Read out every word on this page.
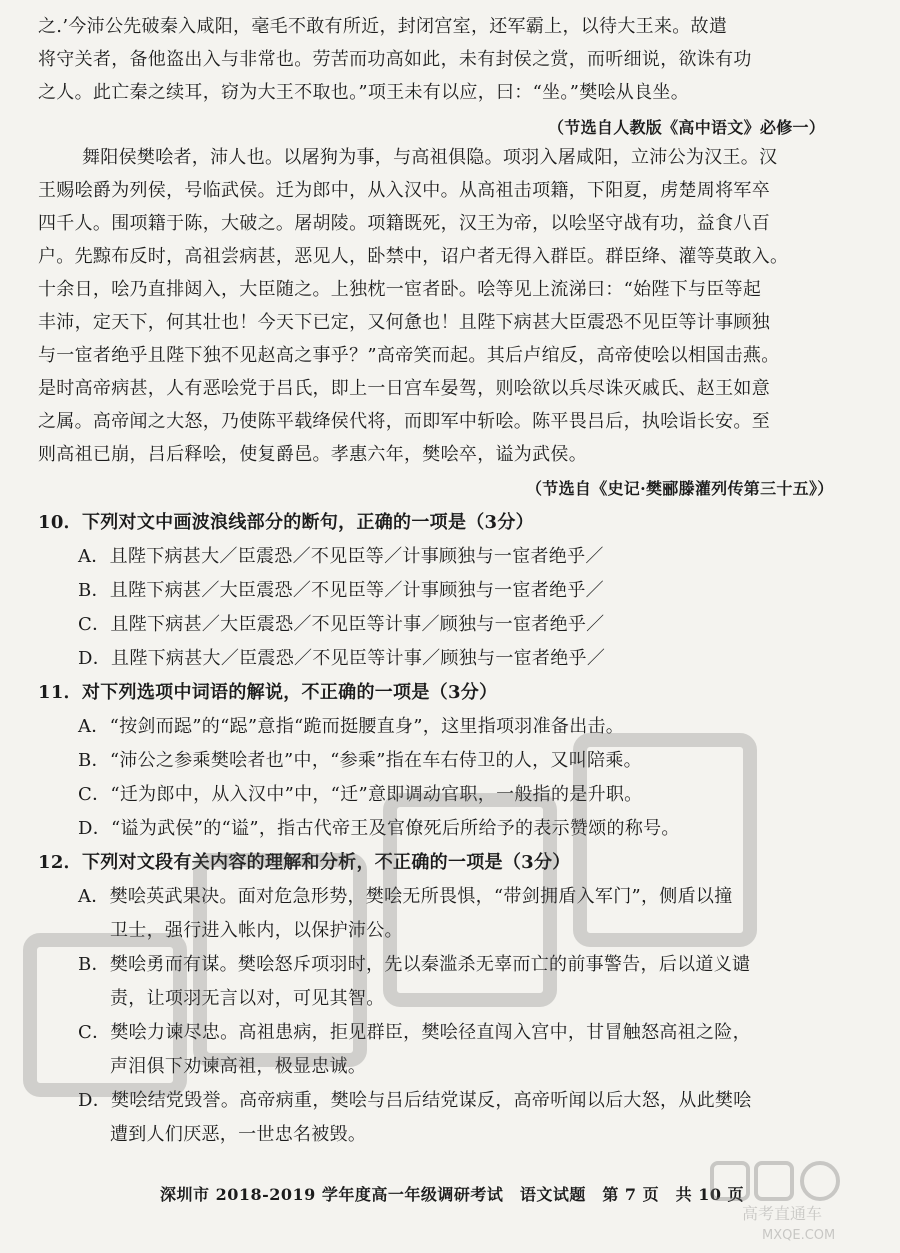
之.’今沛公先破秦入咸阳，毫毛不敢有所近，封闭宫室，还军霸上，以待大王来。故遣
将守关者，备他盗出入与非常也。劳苦而功高如此，未有封侯之赏，而听细说，欲诛有功
之人。此亡秦之续耳，窃为大王不取也。”项王未有以应，曰：“坐。”樊哙从良坐。
（节选自人教版《高中语文》必修一）
舞阳侯樊哙者，沛人也。以屠狗为事，与高祖俱隐。项羽入屠咸阳，立沛公为汉王。汉
王赐哙爵为列侯，号临武侯。迁为郎中，从入汉中。从高祖击项籍，下阳夏，虏楚周将军卒
四千人。围项籍于陈，大破之。屠胡陵。项籍既死，汉王为帝，以哙坚守战有功，益食八百
户。先黥布反时，高祖尝病甚，恶见人，卧禁中，诏户者无得入群臣。群臣绛、灌等莫敢入。
十余日，哙乃直排闼入，大臣随之。上独枕一宦者卧。哙等见上流涕曰：“始陛下与臣等起
丰沛，定天下，何其壮也！今天下已定，又何惫也！且陛下病甚大臣震恐不见臣等计事顾独
与一宦者绝乎且陛下独不见赵高之事乎？”高帝笑而起。其后卢绾反，高帝使哙以相国击燕。
是时高帝病甚，人有恶哙党于吕氏，即上一日宫车晏驾，则哙欲以兵尽诛灭戚氏、赵王如意
之属。高帝闻之大怒，乃使陈平载绛侯代将，而即军中斩哙。陈平畏吕后，执哙诣长安。至
则高祖已崩，吕后释哙，使复爵邑。孝惠六年，樊哙卒，谥为武侯。
（节选自《史记·樊郦滕灌列传第三十五》）
10．下列对文中画波浪线部分的断句，正确的一项是（3分）
A．且陛下病甚大／臣震恐／不见臣等／计事顾独与一宦者绝乎／
B．且陛下病甚／大臣震恐／不见臣等／计事顾独与一宦者绝乎／
C．且陛下病甚／大臣震恐／不见臣等计事／顾独与一宦者绝乎／
D．且陛下病甚大／臣震恐／不见臣等计事／顾独与一宦者绝乎／
11．对下列选项中词语的解说，不正确的一项是（3分）
A．“按剑而跽”的“跽”意指“跪而挺腰直身”，这里指项羽准备出击。
B．“沛公之参乘樊哙者也”中，“参乘”指在车右侍卫的人，又叫陪乘。
C．“迁为郎中，从入汉中”中，“迁”意即调动官职，一般指的是升职。
D．“谥为武侯”的“谥”，指古代帝王及官僚死后所给予的表示赞颂的称号。
12．下列对文段有关内容的理解和分析，不正确的一项是（3分）
A．樊哙英武果决。面对危急形势，樊哙无所畏惧，“带剑拥盾入军门”，侧盾以撞
卫士，强行进入帐内，以保护沛公。
B．樊哙勇而有谋。樊哙怒斥项羽时，先以秦滥杀无辜而亡的前事警告，后以道义谴
责，让项羽无言以对，可见其智。
C．樊哙力谏尽忠。高祖患病，拒见群臣，樊哙径直闯入宫中，甘冒触怒高祖之险，
声泪俱下劝谏高祖，极显忠诚。
D．樊哙结党毁誉。高帝病重，樊哙与吕后结党谋反，高帝听闻以后大怒，从此樊哙
遭到人们厌恶，一世忠名被毁。
深圳市 2018-2019 学年度高一年级调研考试　语文试题　第 7 页　共 10 页
高考直通车
MXQE.COM
